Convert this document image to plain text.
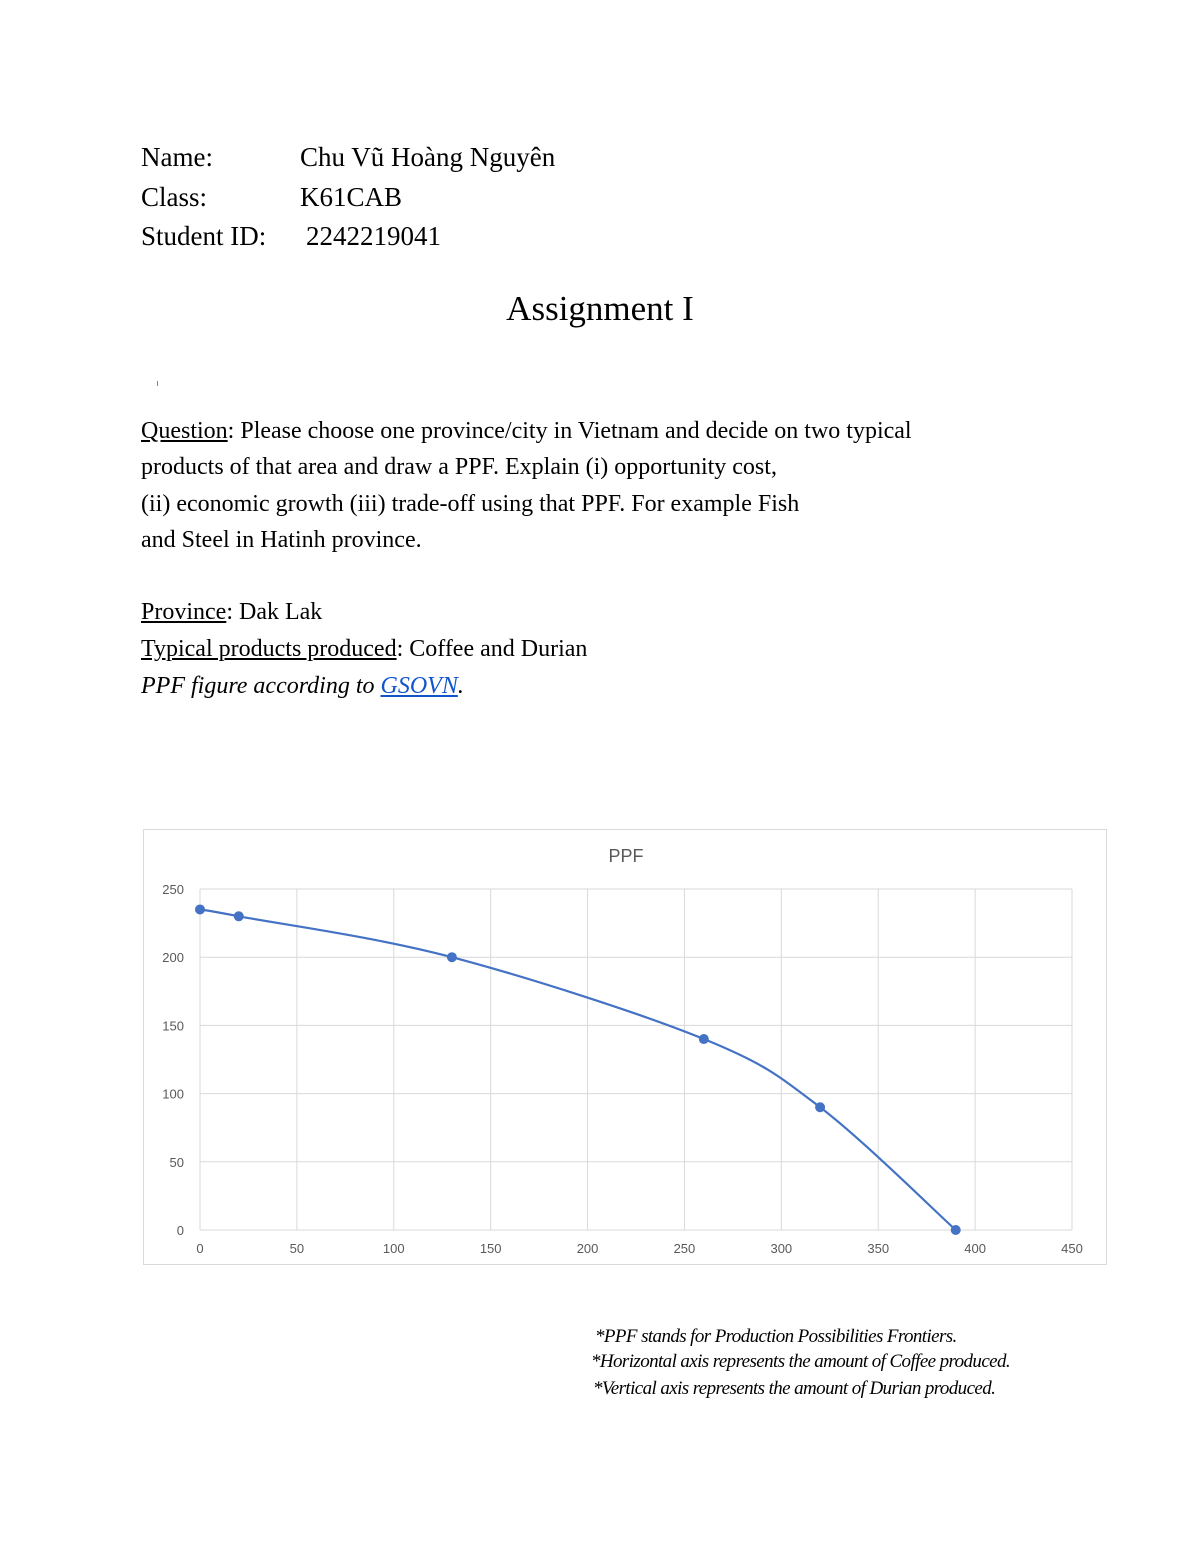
Name:	Chu Vũ Hoàng Nguyên
Class:	K61CAB
Student ID: 2242219041
Assignment I
Question: Please choose one province/city in Vietnam and decide on two typical
products of that area and draw a PPF. Explain (i) opportunity cost,
(ii) economic growth (iii) trade-off using that PPF. For example Fish
and Steel in Hatinh province.
Province: Dak Lak
Typical products produced: Coffee and Durian
PPF figure according to GSOVN.
PPF
0	50	100	150	200	250	300	350	400	450
0
50
100
150
200
250
*PPF stands for Production Possibilities Frontiers.
*Horizontal axis represents the amount of Coffee produced.
*Vertical axis represents the amount of Durian produced.
